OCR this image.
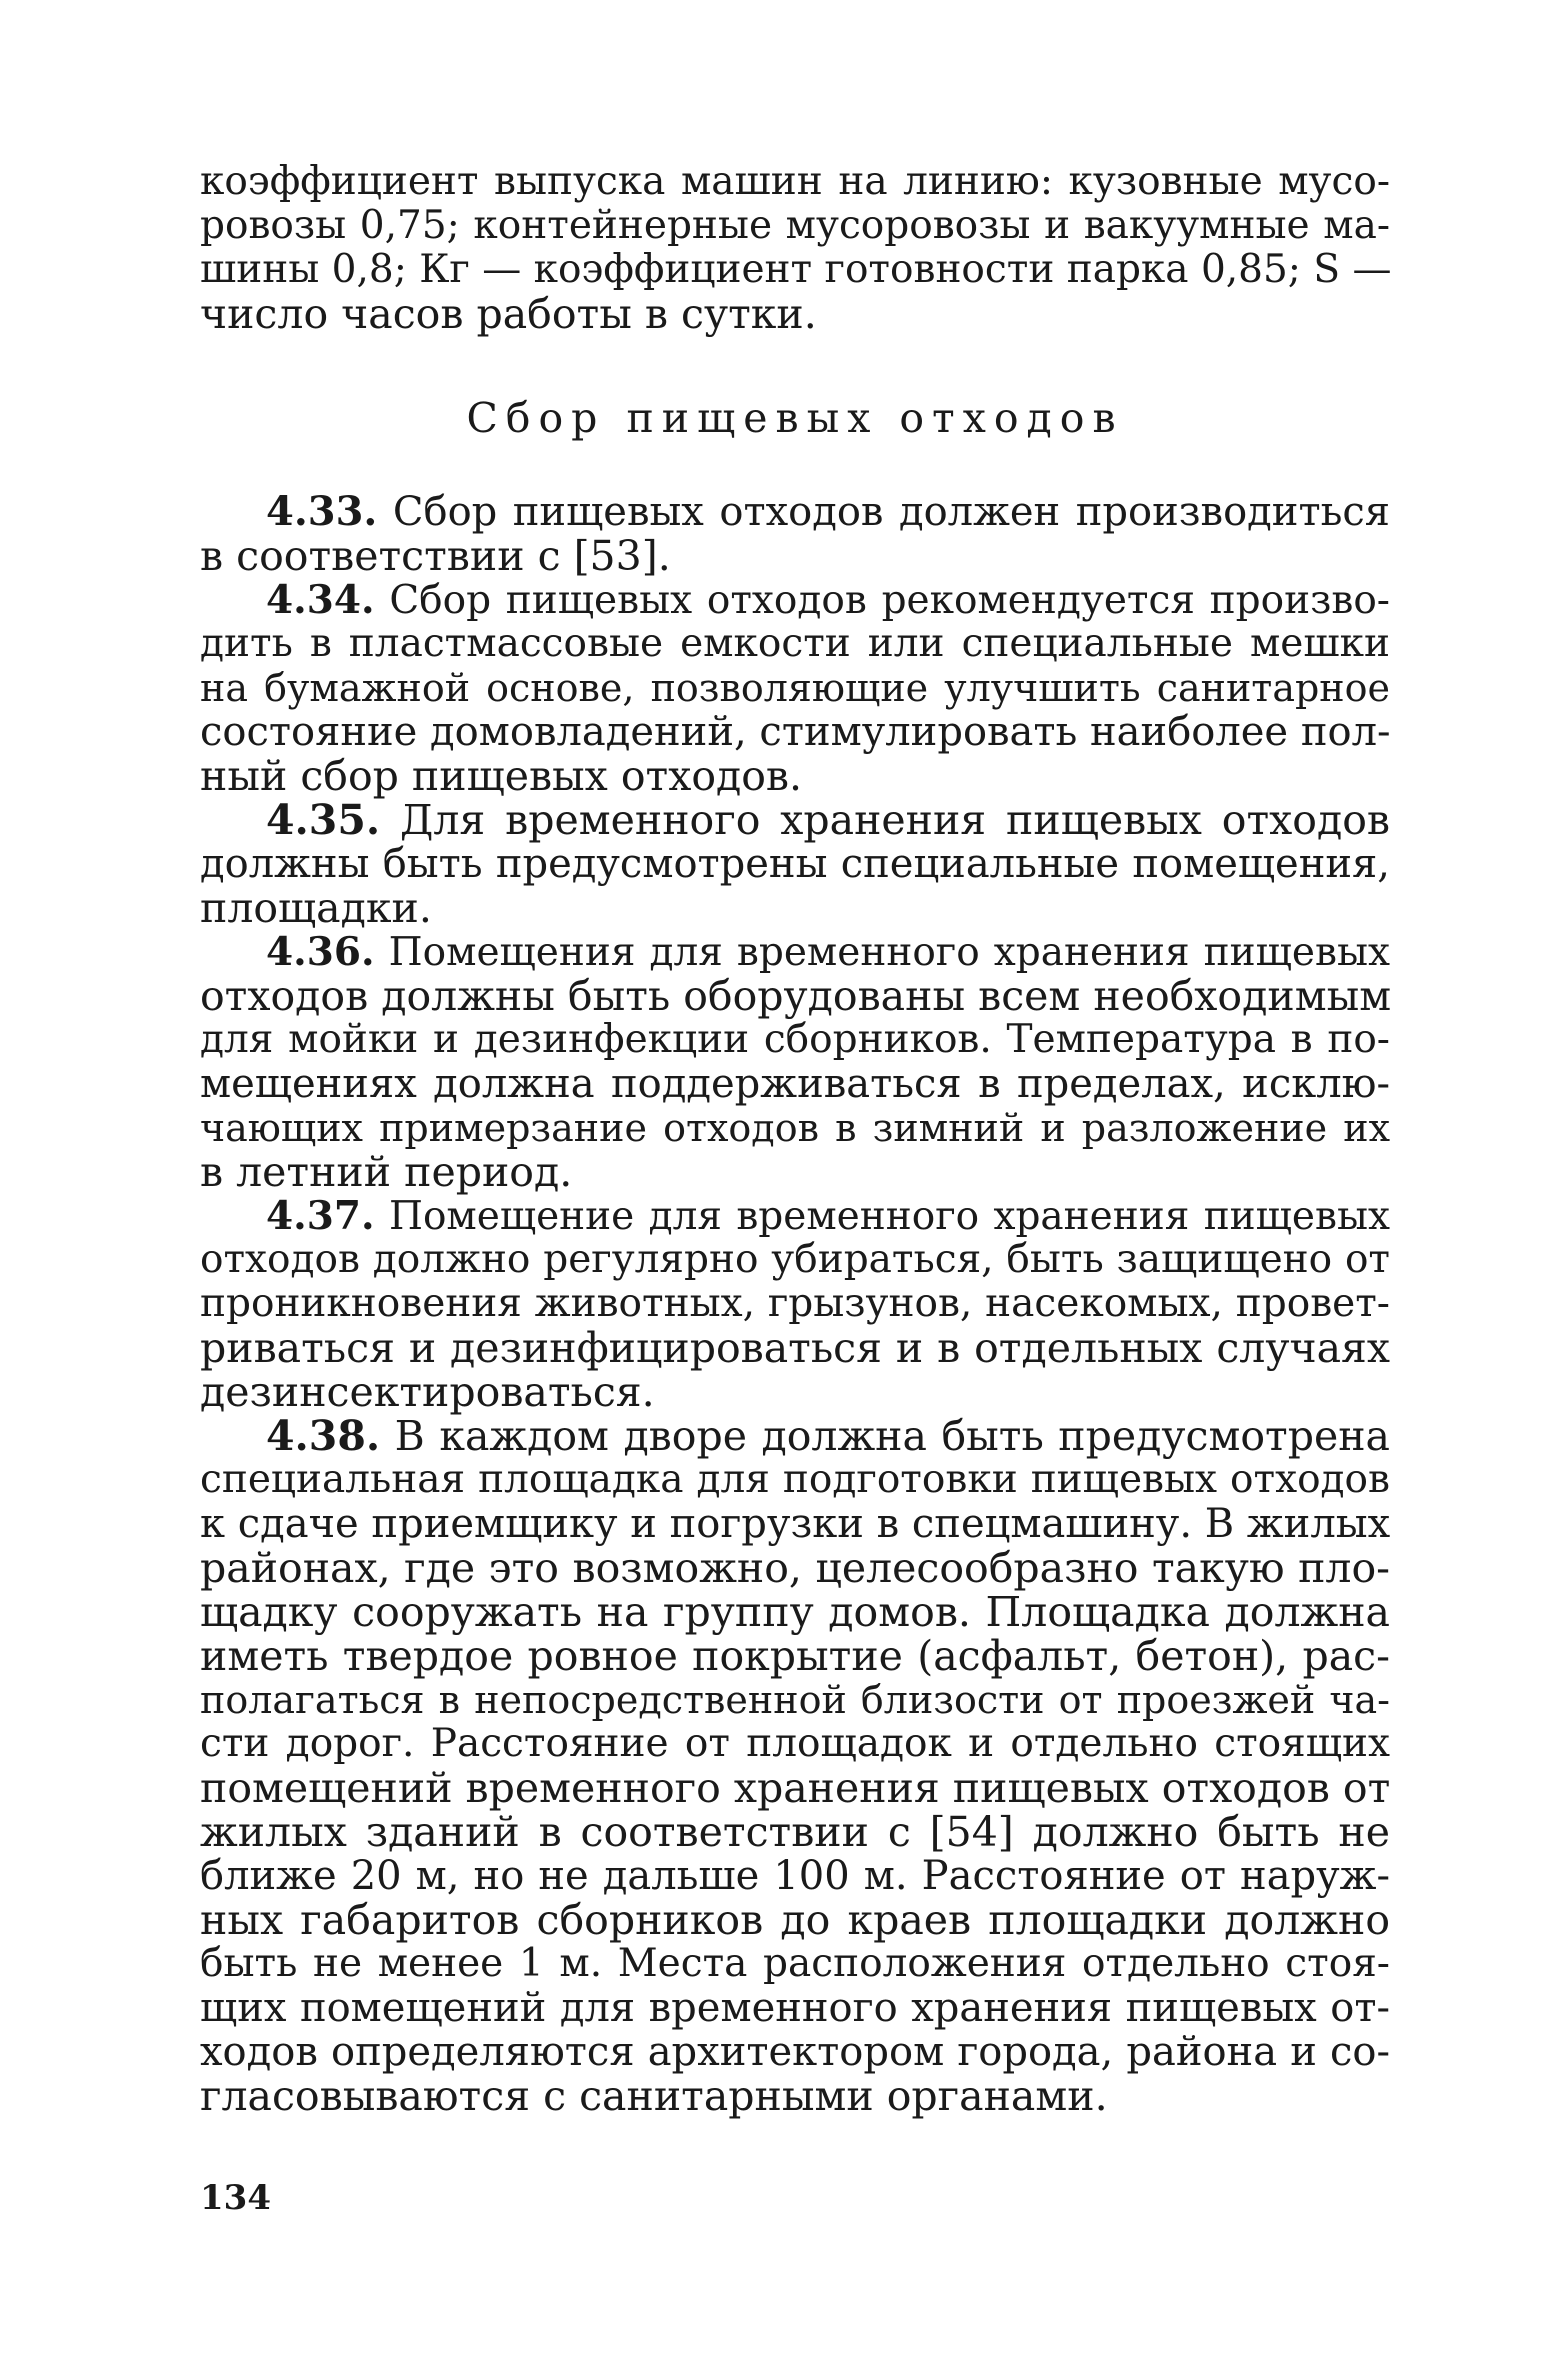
коэффициент выпуска машин на линию: кузовные мусо-
ровозы 0,75; контейнерные мусоровозы и вакуумные ма-
шины 0,8; Кг — коэффициент готовности парка 0,85; S —
число часов работы в сутки.
Сбор пищевых отходов
4.33. Сбор пищевых отходов должен производиться
в соответствии с [53].
4.34. Сбор пищевых отходов рекомендуется произво-
дить в пластмассовые емкости или специальные мешки
на бумажной основе, позволяющие улучшить санитарное
состояние домовладений, стимулировать наиболее пол-
ный сбор пищевых отходов.
4.35. Для временного хранения пищевых отходов
должны быть предусмотрены специальные помещения,
площадки.
4.36. Помещения для временного хранения пищевых
отходов должны быть оборудованы всем необходимым
для мойки и дезинфекции сборников. Температура в по-
мещениях должна поддерживаться в пределах, исклю-
чающих примерзание отходов в зимний и разложение их
в летний период.
4.37. Помещение для временного хранения пищевых
отходов должно регулярно убираться, быть защищено от
проникновения животных, грызунов, насекомых, провет-
риваться и дезинфицироваться и в отдельных случаях
дезинсектироваться.
4.38. В каждом дворе должна быть предусмотрена
специальная площадка для подготовки пищевых отходов
к сдаче приемщику и погрузки в спецмашину. В жилых
районах, где это возможно, целесообразно такую пло-
щадку сооружать на группу домов. Площадка должна
иметь твердое ровное покрытие (асфальт, бетон), рас-
полагаться в непосредственной близости от проезжей ча-
сти дорог. Расстояние от площадок и отдельно стоящих
помещений временного хранения пищевых отходов от
жилых зданий в соответствии с [54] должно быть не
ближе 20 м, но не дальше 100 м. Расстояние от наруж-
ных габаритов сборников до краев площадки должно
быть не менее 1 м. Места расположения отдельно стоя-
щих помещений для временного хранения пищевых от-
ходов определяются архитектором города, района и со-
гласовываются с санитарными органами.
134
